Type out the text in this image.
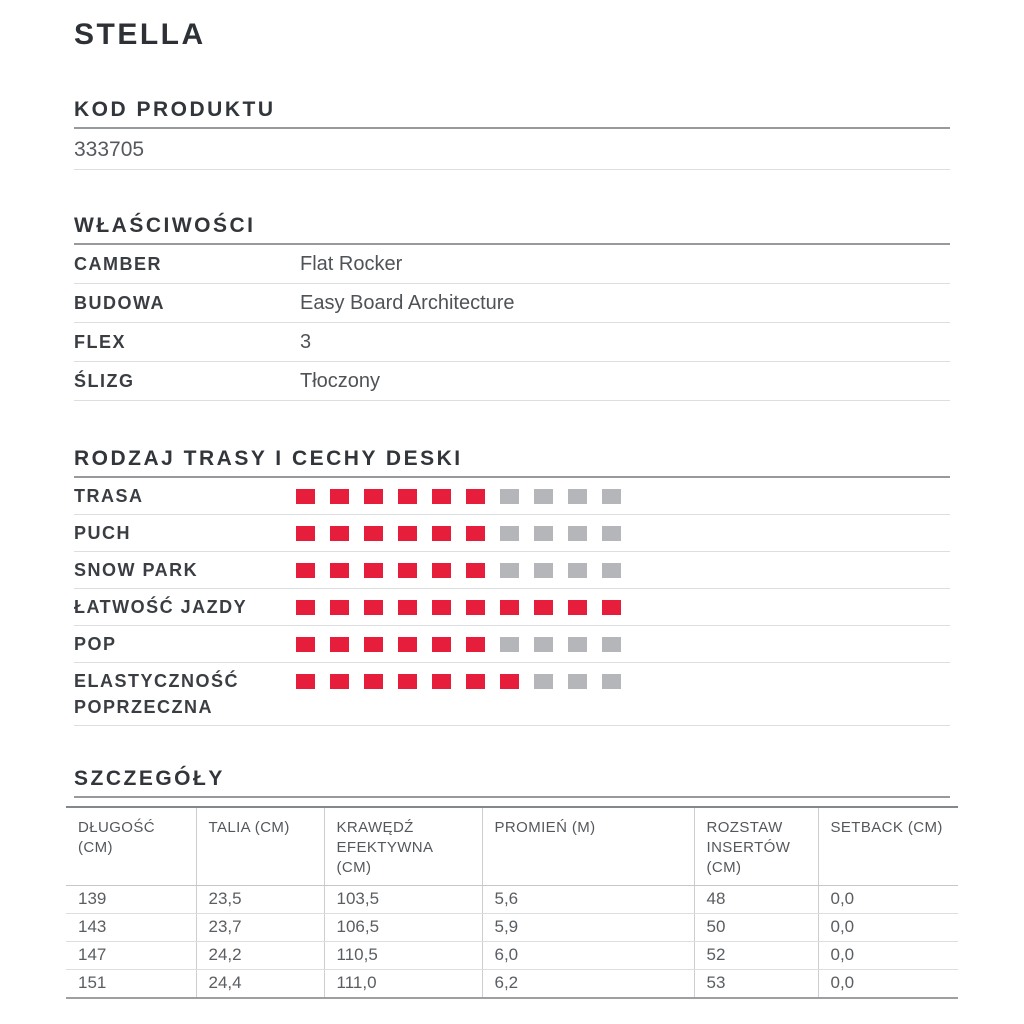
STELLA
KOD PRODUKTU
333705
WŁAŚCIWOŚCI
CAMBER	Flat Rocker
BUDOWA	Easy Board Architecture
FLEX	3
ŚLIZG	Tłoczony
RODZAJ TRASY I CECHY DESKI
TRASA
PUCH
SNOW PARK
ŁATWOŚĆ JAZDY
POP
ELASTYCZNOŚĆ POPRZECZNA
SZCZEGÓŁY
DŁUGOŚĆ (CM)	TALIA (CM)	KRAWĘDŹ EFEKTYWNA (CM)	PROMIEŃ (M)	ROZSTAW INSERTÓW (CM)	SETBACK (CM)
139	23,5	103,5	5,6	48	0,0
143	23,7	106,5	5,9	50	0,0
147	24,2	110,5	6,0	52	0,0
151	24,4	111,0	6,2	53	0,0
